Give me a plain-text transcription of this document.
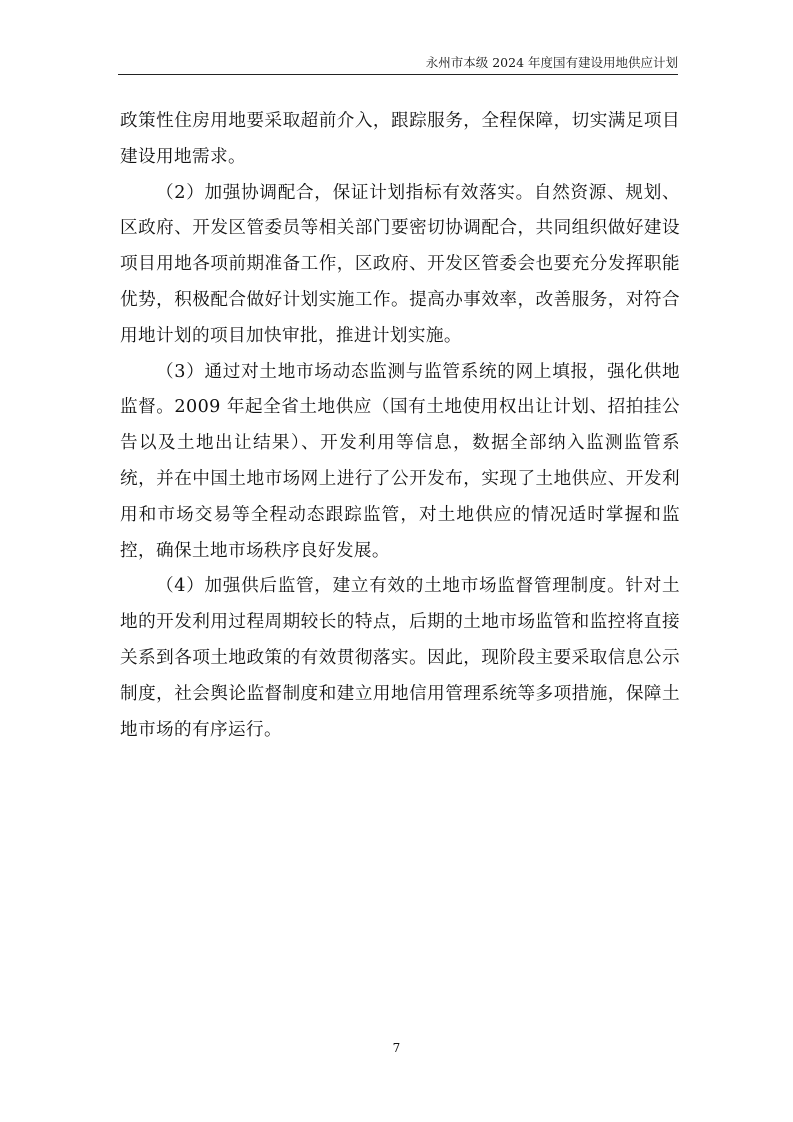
永州市本级 2024 年度国有建设用地供应计划

政策性住房用地要采取超前介入，跟踪服务，全程保障，切实满足项目建设用地需求。

（2）加强协调配合，保证计划指标有效落实。自然资源、规划、区政府、开发区管委员等相关部门要密切协调配合，共同组织做好建设项目用地各项前期准备工作，区政府、开发区管委会也要充分发挥职能优势，积极配合做好计划实施工作。提高办事效率，改善服务，对符合用地计划的项目加快审批，推进计划实施。

（3）通过对土地市场动态监测与监管系统的网上填报，强化供地监督。2009 年起全省土地供应（国有土地使用权出让计划、招拍挂公告以及土地出让结果）、开发利用等信息，数据全部纳入监测监管系统，并在中国土地市场网上进行了公开发布，实现了土地供应、开发利用和市场交易等全程动态跟踪监管，对土地供应的情况适时掌握和监控，确保土地市场秩序良好发展。

（4）加强供后监管，建立有效的土地市场监督管理制度。针对土地的开发利用过程周期较长的特点，后期的土地市场监管和监控将直接关系到各项土地政策的有效贯彻落实。因此，现阶段主要采取信息公示制度，社会舆论监督制度和建立用地信用管理系统等多项措施，保障土地市场的有序运行。

7
